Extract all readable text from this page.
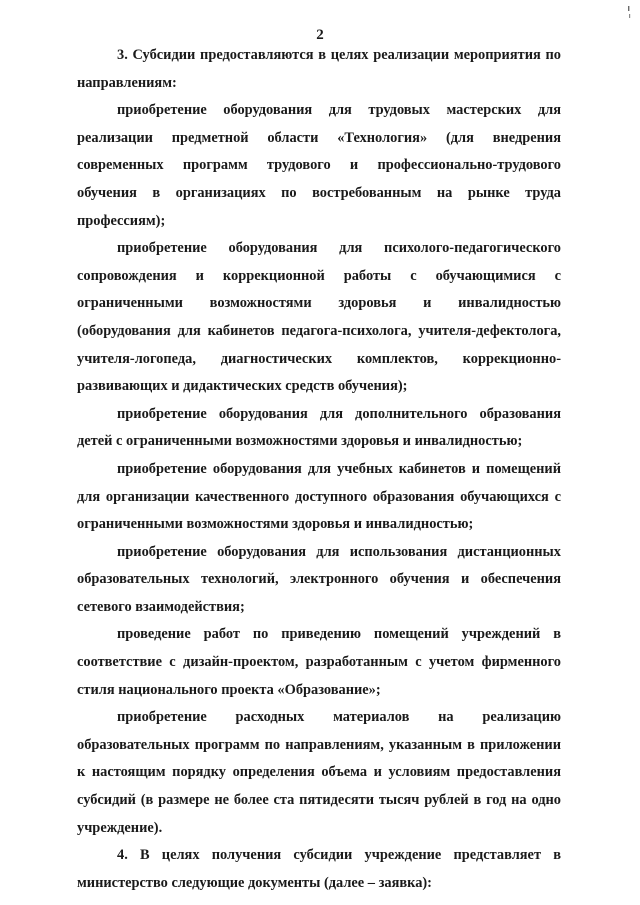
2

3. Субсидии предоставляются в целях реализации мероприятия по направлениям:

приобретение оборудования для трудовых мастерских для реализации предметной области «Технология» (для внедрения современных программ трудового и профессионально-трудового обучения в организациях по востребованным на рынке труда профессиям);

приобретение оборудования для психолого-педагогического сопровождения и коррекционной работы с обучающимися с ограниченными возможностями здоровья и инвалидностью (оборудования для кабинетов педагога-психолога, учителя-дефектолога, учителя-логопеда, диагностических комплектов, коррекционно-развивающих и дидактических средств обучения);

приобретение оборудования для дополнительного образования детей с ограниченными возможностями здоровья и инвалидностью;

приобретение оборудования для учебных кабинетов и помещений для организации качественного доступного образования обучающихся с ограниченными возможностями здоровья и инвалидностью;

приобретение оборудования для использования дистанционных образовательных технологий, электронного обучения и обеспечения сетевого взаимодействия;

проведение работ по приведению помещений учреждений в соответствие с дизайн-проектом, разработанным с учетом фирменного стиля национального проекта «Образование»;

приобретение расходных материалов на реализацию образовательных программ по направлениям, указанным в приложении к настоящим порядку определения объема и условиям предоставления субсидий (в размере не более ста пятидесяти тысяч рублей в год на одно учреждение).

4. В целях получения субсидии учреждение представляет в министерство следующие документы (далее – заявка):
